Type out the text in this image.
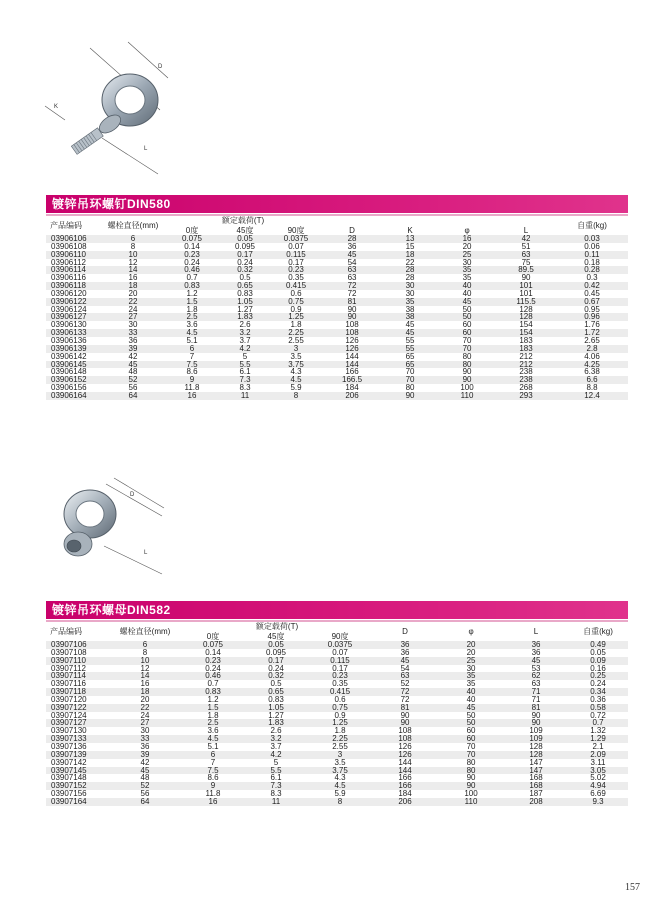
D
K
L
镀锌吊环螺钉DIN580
产品编码	螺栓直径(mm)	额定载荷(T)			D	K	φ	L	自重(kg)
		0度	45度	90度					
03906106	6	0.075	0.05	0.0375	28	13	16	42	0.03
03906108	8	0.14	0.095	0.07	36	15	20	51	0.06
03906110	10	0.23	0.17	0.115	45	18	25	63	0.11
03906112	12	0.24	0.24	0.17	54	22	30	75	0.18
03906114	14	0.46	0.32	0.23	63	28	35	89.5	0.28
03906116	16	0.7	0.5	0.35	63	28	35	90	0.3
03906118	18	0.83	0.65	0.415	72	30	40	101	0.42
03906120	20	1.2	0.83	0.6	72	30	40	101	0.45
03906122	22	1.5	1.05	0.75	81	35	45	115.5	0.67
03906124	24	1.8	1.27	0.9	90	38	50	128	0.95
03906127	27	2.5	1.83	1.25	90	38	50	128	0.96
03906130	30	3.6	2.6	1.8	108	45	60	154	1.76
03906133	33	4.5	3.2	2.25	108	45	60	154	1.72
03906136	36	5.1	3.7	2.55	126	55	70	183	2.65
03906139	39	6	4.2	3	126	55	70	183	2.8
03906142	42	7	5	3.5	144	65	80	212	4.06
03906145	45	7.5	5.5	3.75	144	65	80	212	4.25
03906148	48	8.6	6.1	4.3	166	70	90	238	6.38
03906152	52	9	7.3	4.5	166.5	70	90	238	6.6
03906156	56	11.8	8.3	5.9	184	80	100	268	8.8
03906164	64	16	11	8	206	90	110	293	12.4
D
L
镀锌吊环螺母DIN582
产品编码	螺栓直径(mm)	额定载荷(T)			D	φ	L	自重(kg)
		0度	45度	90度				
03907106	6	0.075	0.05	0.0375	36	20	36	0.49
03907108	8	0.14	0.095	0.07	36	20	36	0.05
03907110	10	0.23	0.17	0.115	45	25	45	0.09
03907112	12	0.24	0.24	0.17	54	30	53	0.16
03907114	14	0.46	0.32	0.23	63	35	62	0.25
03907116	16	0.7	0.5	0.35	52	35	63	0.24
03907118	18	0.83	0.65	0.415	72	40	71	0.34
03907120	20	1.2	0.83	0.6	72	40	71	0.36
03907122	22	1.5	1.05	0.75	81	45	81	0.58
03907124	24	1.8	1.27	0.9	90	50	90	0.72
03907127	27	2.5	1.83	1.25	90	50	90	0.7
03907130	30	3.6	2.6	1.8	108	60	109	1.32
03907133	33	4.5	3.2	2.25	108	60	109	1.29
03907136	36	5.1	3.7	2.55	126	70	128	2.1
03907139	39	6	4.2	3	126	70	128	2.09
03907142	42	7	5	3.5	144	80	147	3.11
03907145	45	7.5	5.5	3.75	144	80	147	3.05
03907148	48	8.6	6.1	4.3	166	90	168	5.02
03907152	52	9	7.3	4.5	166	90	168	4.94
03907156	56	11.8	8.3	5.9	184	100	187	6.69
03907164	64	16	11	8	206	110	208	9.3
157
